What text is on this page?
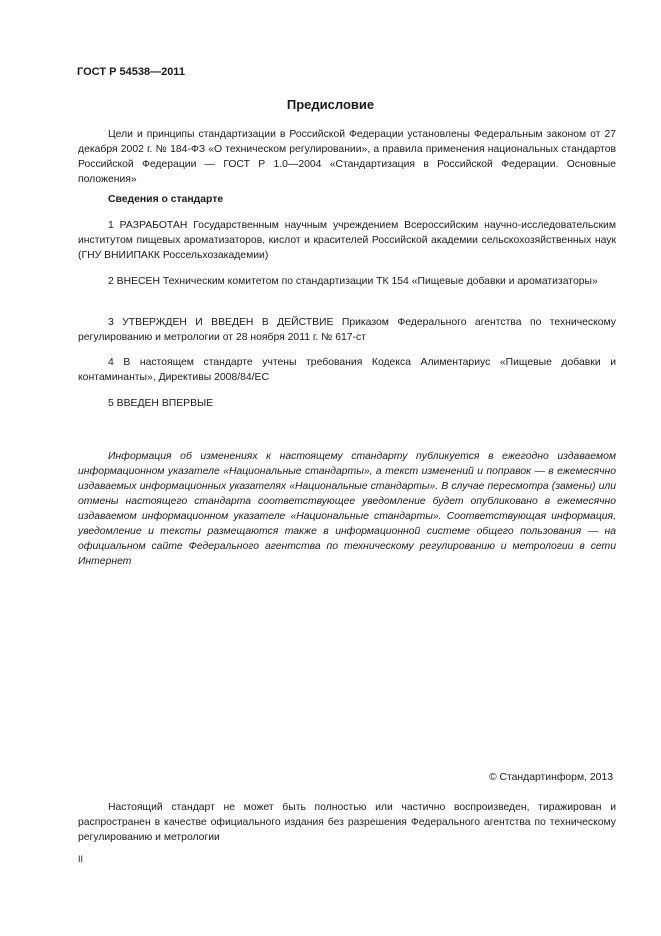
ГОСТ Р 54538—2011
Предисловие

Цели и принципы стандартизации в Российской Федерации установлены Федеральным законом от 27 декабря 2002 г. № 184-ФЗ «О техническом регулировании», а правила применения национальных стандартов Российской Федерации — ГОСТ Р 1.0—2004 «Стандартизация в Российской Федерации. Основные положения»

Сведения о стандарте

1 РАЗРАБОТАН Государственным научным учреждением Всероссийским научно-исследовательским институтом пищевых ароматизаторов, кислот и красителей Российской академии сельскохозяйственных наук (ГНУ ВНИИПАКК Россельхозакадемии)

2 ВНЕСЕН Техническим комитетом по стандартизации ТК 154 «Пищевые добавки и ароматизаторы»

3 УТВЕРЖДЕН И ВВЕДЕН В ДЕЙСТВИЕ Приказом Федерального агентства по техническому регулированию и метрологии от 28 ноября 2011 г. № 617-ст

4 В настоящем стандарте учтены требования Кодекса Алиментариус «Пищевые добавки и контаминанты», Директивы 2008/84/ЕС

5 ВВЕДЕН ВПЕРВЫЕ

Информация об изменениях к настоящему стандарту публикуется в ежегодно издаваемом информационном указателе «Национальные стандарты», а текст изменений и поправок — в ежемесячно издаваемых информационных указателях «Национальные стандарты». В случае пересмотра (замены) или отмены настоящего стандарта соответствующее уведомление будет опубликовано в ежемесячно издаваемом информационном указателе «Национальные стандарты». Соответствующая информация, уведомление и тексты размещаются также в информационной системе общего пользования — на официальном сайте Федерального агентства по техническому регулированию и метрологии в сети Интернет

© Стандартинформ, 2013

Настоящий стандарт не может быть полностью или частично воспроизведен, тиражирован и распространен в качестве официального издания без разрешения Федерального агентства по техническому регулированию и метрологии

II
